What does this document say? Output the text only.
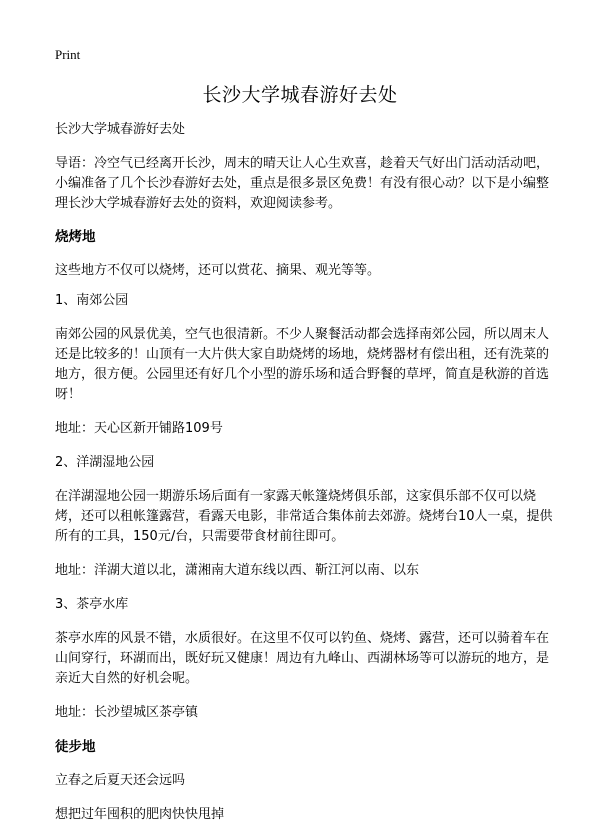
Print
长沙大学城春游好去处

长沙大学城春游好去处

导语：冷空气已经离开长沙，周末的晴天让人心生欢喜，趁着天气好出门活动活动吧，小编准备了几个长沙春游好去处，重点是很多景区免费！有没有很心动？以下是小编整理长沙大学城春游好去处的资料，欢迎阅读参考。

烧烤地

这些地方不仅可以烧烤，还可以赏花、摘果、观光等等。

1、南郊公园

南郊公园的风景优美，空气也很清新。不少人聚餐活动都会选择南郊公园，所以周末人还是比较多的！山顶有一大片供大家自助烧烤的场地，烧烤器材有偿出租，还有洗菜的地方，很方便。公园里还有好几个小型的游乐场和适合野餐的草坪，简直是秋游的首选呀！

地址：天心区新开铺路109号

2、洋湖湿地公园

在洋湖湿地公园一期游乐场后面有一家露天帐篷烧烤俱乐部，这家俱乐部不仅可以烧烤，还可以租帐篷露营，看露天电影，非常适合集体前去郊游。烧烤台10人一桌，提供所有的工具，150元/台，只需要带食材前往即可。

地址：洋湖大道以北，潇湘南大道东线以西、靳江河以南、以东

3、茶亭水库

茶亭水库的风景不错，水质很好。在这里不仅可以钓鱼、烧烤、露营，还可以骑着车在山间穿行，环湖而出，既好玩又健康！周边有九峰山、西湖林场等可以游玩的地方，是亲近大自然的好机会呢。

地址：长沙望城区茶亭镇

徒步地

立春之后夏天还会远吗

想把过年囤积的肥肉快快甩掉
